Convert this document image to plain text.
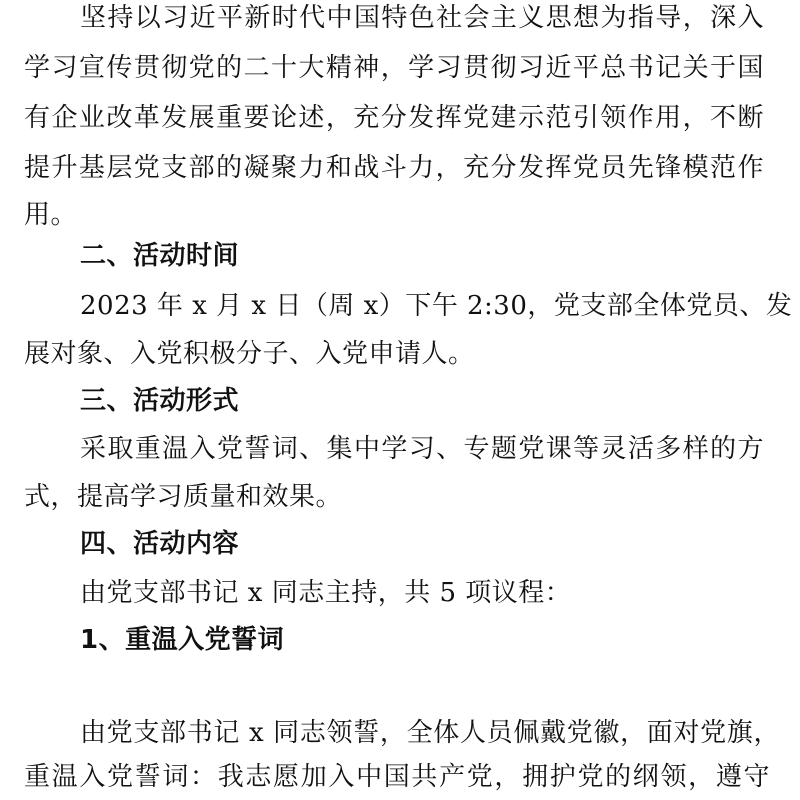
坚持以习近平新时代中国特色社会主义思想为指导，深入
学习宣传贯彻党的二十大精神，学习贯彻习近平总书记关于国
有企业改革发展重要论述，充分发挥党建示范引领作用，不断
提升基层党支部的凝聚力和战斗力，充分发挥党员先锋模范作
用。
二、活动时间
2023 年 x 月 x 日（周 x）下午 2:30，党支部全体党员、发
展对象、入党积极分子、入党申请人。
三、活动形式
采取重温入党誓词、集中学习、专题党课等灵活多样的方
式，提高学习质量和效果。
四、活动内容
由党支部书记 x 同志主持，共 5 项议程：
1、重温入党誓词
由党支部书记 x 同志领誓，全体人员佩戴党徽，面对党旗，
重温入党誓词：我志愿加入中国共产党，拥护党的纲领，遵守
